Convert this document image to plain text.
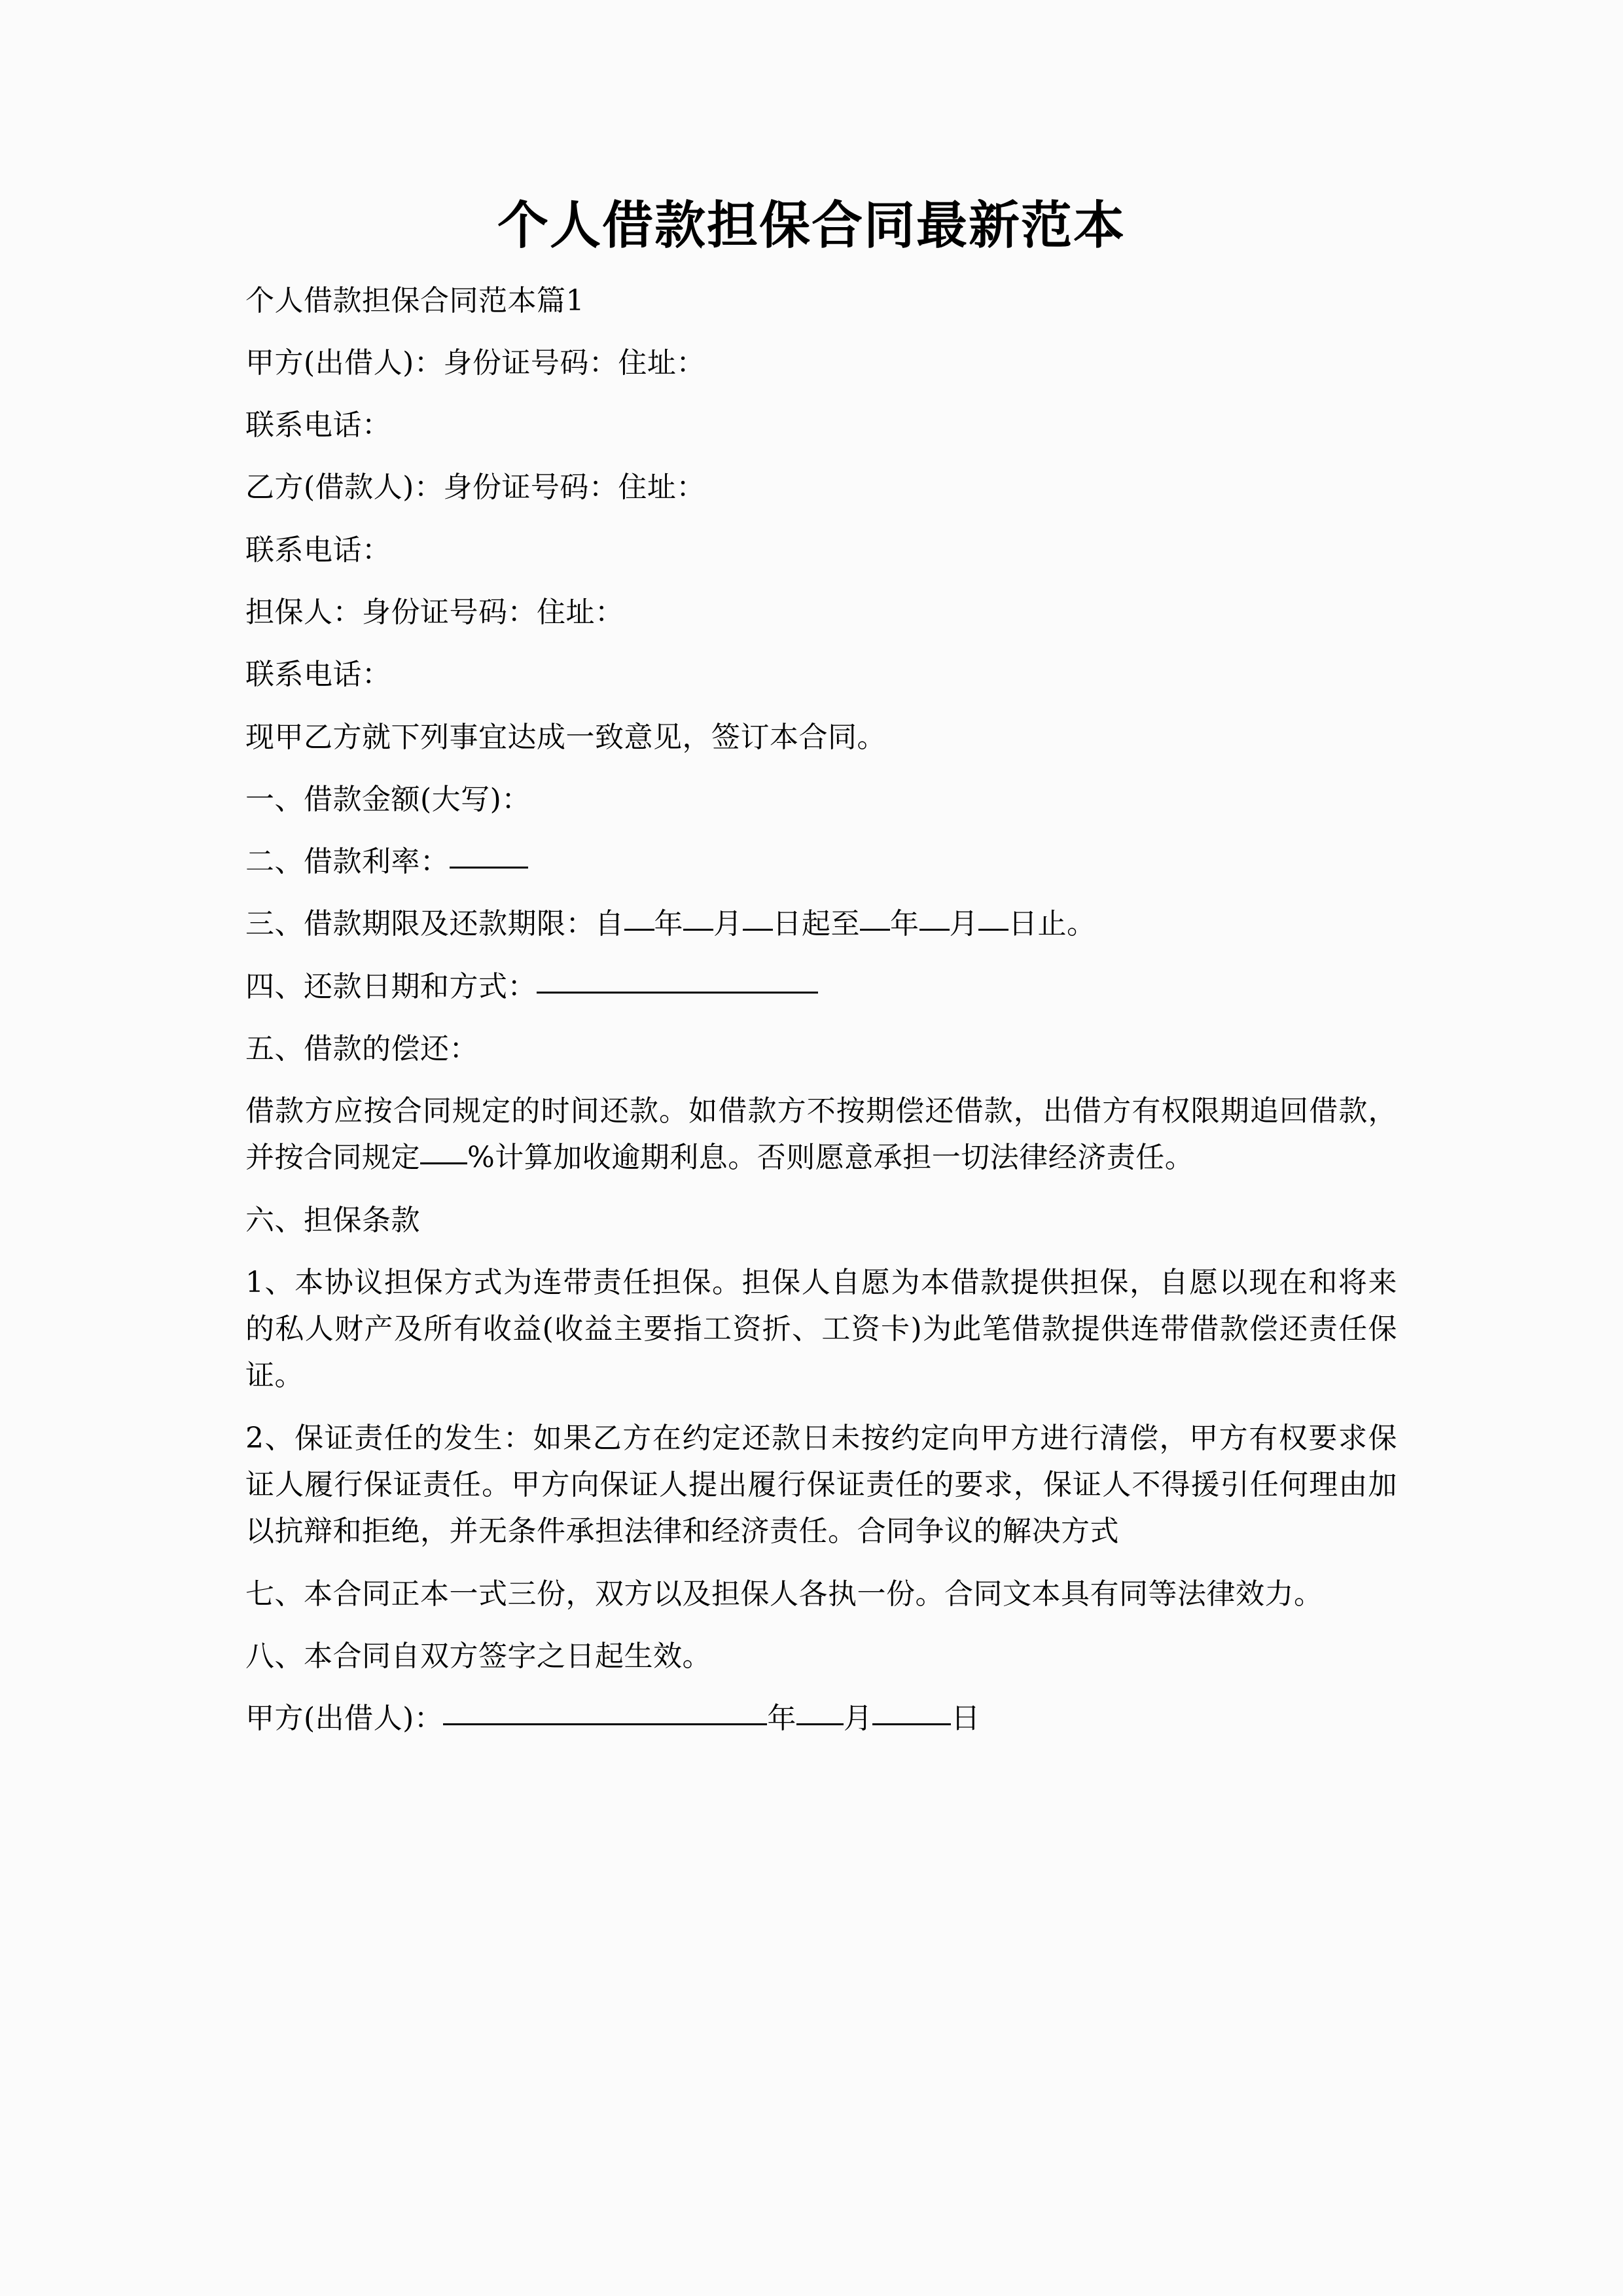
个人借款担保合同最新范本

个人借款担保合同范本篇1

甲方(出借人)：身份证号码：住址：

联系电话：

乙方(借款人)：身份证号码：住址：

联系电话：

担保人：身份证号码：住址：

联系电话：

现甲乙方就下列事宜达成一致意见，签订本合同。

一、借款金额(大写)：

二、借款利率：

三、借款期限及还款期限：自 年 月 日起至 年 月 日止。

四、还款日期和方式：

五、借款的偿还：

借款方应按合同规定的时间还款。如借款方不按期偿还借款，出借方有权限期追回借款，并按合同规定 %计算加收逾期利息。否则愿意承担一切法律经济责任。

六、担保条款

1、本协议担保方式为连带责任担保。担保人自愿为本借款提供担保，自愿以现在和将来的私人财产及所有收益(收益主要指工资折、工资卡)为此笔借款提供连带借款偿还责任保证。

2、保证责任的发生：如果乙方在约定还款日未按约定向甲方进行清偿，甲方有权要求保证人履行保证责任。甲方向保证人提出履行保证责任的要求，保证人不得援引任何理由加以抗辩和拒绝，并无条件承担法律和经济责任。合同争议的解决方式

七、本合同正本一式三份，双方以及担保人各执一份。合同文本具有同等法律效力。

八、本合同自双方签字之日起生效。

甲方(出借人)：	年 月	日
